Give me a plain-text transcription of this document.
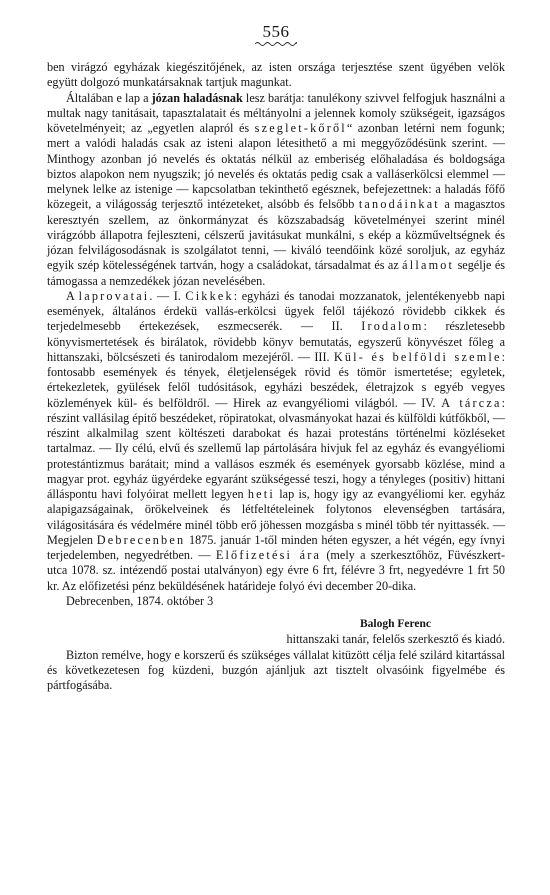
556

ben virágzó egyházak kiegészitőjének, az isten országa terjesztése szent ügyében velök együtt dolgozó munkatársaknak tartjuk magunkat.

Általában e lap a józan haladásnak lesz barátja: tanulékony szivvel felfogjuk használni a multak nagy tanitásait, tapasztalatait és méltányolni a jelennek komoly szükségeit, igazságos követelményeit; az „egyetlen alapról és szeglet-kőről“ azonban letérni nem fogunk; mert a valódi haladás csak az isteni alapon létesithető a mi meggyőződésünk szerint. — Minthogy azonban jó nevelés és oktatás nélkül az emberiség előhaladása és boldogsága biztos alapokon nem nyugszik; jó nevelés és oktatás pedig csak a valláserkölcsi elemmel — melynek lelke az istenige — kapcsolatban tekinthető egésznek, befejezettnek: a haladás főfő közegeit, a világosság terjesztő intézeteket, alsóbb és felsőbb tanodáinkat a magasztos keresztyén szellem, az önkormányzat és közszabadság követelményei szerint minél virágzóbb állapotra fejleszteni, célszerű javitásukat munkálni, s ekép a közműveltségnek és józan felvilágosodásnak is szolgálatot tenni, — kiváló teendőink közé soroljuk, az egyház egyik szép kötelességének tartván, hogy a családokat, társadalmat és az államot segélje és támogassa a nemzedékek józan nevelésében.

A laprovatai. — I. Cikkek: egyházi és tanodai mozzanatok, jelentékenyebb napi események, általános érdekü vallás-erkölcsi ügyek felől tájékozó rövidebb cikkek és terjedelmesebb értekezések, eszmecserék. — II. Irodalom: részletesebb könyvismertetések és birálatok, rövidebb könyv bemutatás, egyszerű könyvészet főleg a hittanszaki, bölcsészeti és tanirodalom mezejéről. — III. Kül- és belföldi szemle: fontosabb események és tények, életjelenségek rövid és tömör ismertetése; egyletek, értekezletek, gyülések felől tudósitások, egyházi beszédek, életrajzok s egyéb vegyes közlemények kül- és belföldről. — Hirek az evangyéliomi világból. — IV. A tárcza: részint vallásilag épitő beszédeket, röpiratokat, olvasmányokat hazai és külföldi kútfőkből, — részint alkalmilag szent költészeti darabokat és hazai protestáns történelmi közléseket tartalmaz. — Ily célú, elvű és szellemű lap pártolására hivjuk fel az egyház és evangyéliomi protestántizmus barátait; mind a vallásos eszmék és események gyorsabb közlése, mind a magyar prot. egyház ügyérdeke egyaránt szükségessé teszi, hogy a tényleges (positiv) hittani álláspontu havi folyóirat mellett legyen heti lap is, hogy igy az evangyéliomi ker. egyház alapigazságainak, örökelveinek és létfeltételeinek folytonos elevenségben tartására, világositására és védelmére minél több erő jöhessen mozgásba s minél több tér nyittassék. — Megjelen Debrecenben 1875. január 1-től minden héten egyszer, a hét végén, egy ívnyi terjedelemben, negyedrétben. — Előfizetési ára (mely a szerkesztőhöz, Füvészkert-utca 1078. sz. intézendő postai utalványon) egy évre 6 frt, félévre 3 frt, negyedévre 1 frt 50 kr. Az előfizetési pénz beküldésének határideje folyó évi december 20-dika.

Debrecenben, 1874. október 3

Balogh Ferenc
hittanszaki tanár, felelős szerkesztő és kiadó.

Bizton remélve, hogy e korszerű és szükséges vállalat kitüzött célja felé szilárd kitartással és következetesen fog küzdeni, buzgón ajánljuk azt tisztelt olvasóink figyelmébe és pártfogásába.
